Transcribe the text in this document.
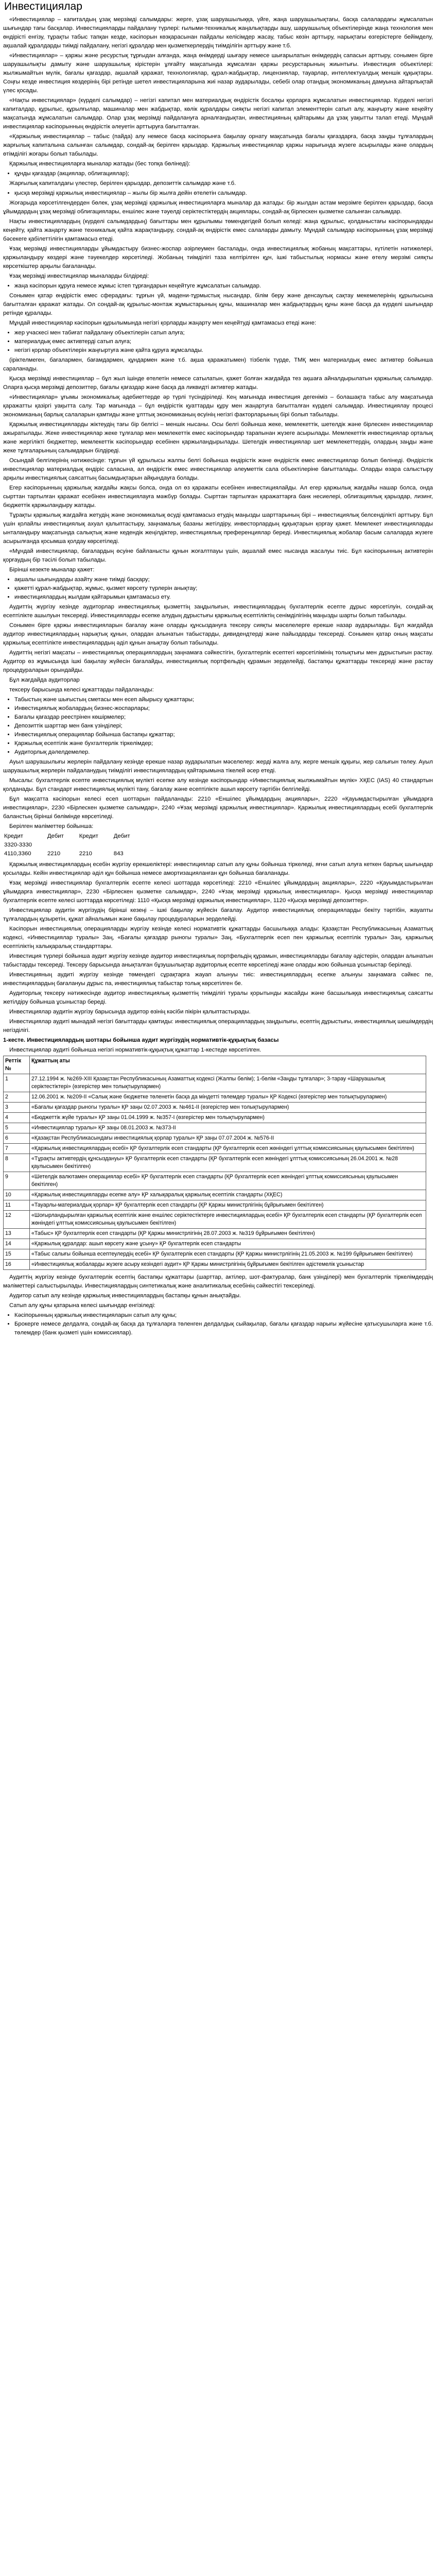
Инвестициялар

«Инвестициялар – капиталдың ұзақ мерзімді салымдары: жерге, ұзақ шаруашылыққа, үйге, жаңа шаруашылықтағы, басқа салалардағы жұмсалатын шығындар тағы басқалар. Инвестицияларды пайдалану түрлері: ғылыми-техникалық жаңалықтарды ашу, шаруашылық объектілерінде жаңа технология мен өндірісті енгізу, тұрақты табыс тапқан кезде, кәсіпорын көзқарасынан пайдалы келісімдер жасау, табыс көзін арттыру, нарықтағы өзгерістерге бейімделу, ақшалай құралдарды тиімді пайдалану, негізгі құралдар мен қызметкерлердің тиімділігін арттыру және т.б.

«Инвестициялар» – қаржы және ресурстық тұрғыдан алғанда, жаңа өнімдерді шығару немесе шығарылатын өнімдердің сапасын арттыру, сонымен бірге шаруашылықты дамыту және шаруашылық кірістерін ұлғайту мақсатында жұмсалған қаржы ресурстарының жиынтығы. Инвестиция объектілері: жылжымайтын мүлік, бағалы қағаздар, ақшалай қаражат, технологиялар, құрал-жабдықтар, лицензиялар, тауарлар, интеллектуалдық меншік құқықтары. Соңғы кезде инвестиция көздерінің бірі ретінде шетел инвестицияларына жиі назар аударылады, себебі олар отандық экономиканың дамуына айтарлықтай үлес қосады.

«Нақты инвестициялар» (күрделі салымдар) – негізгі капитал мен материалдық өндірістік босалқы қорларға жұмсалатын инвестициялар. Күрделі негізгі капиталдар, құрылыс, құрылғылар, машиналар мен жабдықтар, көлік құралдары сияқты негізгі капитал элементтерін сатып алу, жаңғырту және кеңейту мақсатында жұмсалатын салымдар. Олар ұзақ мерзімді пайдалануға арналғандықтан, инвестицияның қайтарымы да ұзақ уақытты талап етеді. Мұндай инвестициялар кәсіпорынның өндірістік әлеуетін арттыруға бағытталған.

«Қаржылық инвестициялар – табыс (пайда) алу немесе басқа кәсіпорынға бақылау орнату мақсатында бағалы қағаздарға, басқа заңды тұлғалардың жарғылық капиталына салынған салымдар, сондай-ақ берілген қарыздар. Қаржылық инвестициялар қаржы нарығында жүзеге асырылады және олардың өтімділігі жоғары болып табылады.

Қаржылық инвестицияларға мыналар жатады (бес топқа бөлінеді):

• құнды қағаздар (акциялар, облигациялар);

Жарғылық капиталдағы үлестер, берілген қарыздар, депозиттік салымдар және т.б.

• қысқа мерзімді қаржылық инвестициялар – жылы бір жылға дейін өтелетін салымдар.

Жоғарыда көрсетілгендерден бөлек, ұзақ мерзімді қаржылық инвестицияларға мыналар да жатады: бір жылдан астам мерзімге берілген қарыздар, басқа ұйымдардың ұзақ мерзімді облигациялары, еншілес және тәуелді серіктестіктердің акциялары, сондай-ақ бірлескен қызметке салынған салымдар.

Нақты инвестициялардың (күрделі салымдардың) бағыттары мен құрылымы төмендегідей болып келеді: жаңа құрылыс, қолданыстағы кәсіпорындарды кеңейту, қайта жаңарту және техникалық қайта жарақтандыру, сондай-ақ өндірістік емес салаларды дамыту. Мұндай салымдар кәсіпорынның ұзақ мерзімді бәсекеге қабілеттілігін қамтамасыз етеді.

Ұзақ мерзімді инвестицияларды ұйымдастыру бизнес-жоспар әзірлеумен басталады, онда инвестициялық жобаның мақсаттары, күтілетін нәтижелері, қаржыландыру көздері және тәуекелдер көрсетіледі. Жобаның тиімділігі таза келтірілген құн, ішкі табыстылық нормасы және өтелу мерзімі сияқты көрсеткіштер арқылы бағаланады.

Ұзақ мерзімді инвестициялар мыналарды білдіреді:

• жаңа кәсіпорын құруға немесе жұмыс істеп тұрғандарын кеңейтуге жұмсалатын салымдар.

Сонымен қатар өндірістік емес сферадағы: тұрғын үй, мәдени-тұрмыстық нысандар, білім беру және денсаулық сақтау мекемелерінің құрылысына бағытталған қаражат жатады. Ол сондай-ақ құрылыс-монтаж жұмыстарының құны, машиналар мен жабдықтардың құны және басқа да күрделі шығындар ретінде құралады.

Мұндай инвестициялар кәсіпорын құрылымында негізгі қорларды жаңарту мен кеңейтуді қамтамасыз етеді және:

• жер учаскесі мен табиғат пайдалану объектілерін сатып алуға;
• материалдық емес активтерді сатып алуға;
• негізгі қорлар объектілерін жаңғыртуға және қайта құруға жұмсалады.

(іріктелмеген, бағалармен, бағамдармен, құндармен және т.б. ақша қаражатымен) тізбелік түрде, ТМҚ мен материалдық емес активтер бойынша сараланады.

Қысқа мерзімді инвестициялар – бұл жыл ішінде өтелетін немесе сатылатын, қажет болған жағдайда тез ақшаға айналдырылатын қаржылық салымдар. Оларға қысқа мерзімді депозиттер, бағалы қағаздар және басқа да ликвидті активтер жатады.

«Инвестициялар» ұғымы экономикалық әдебиеттерде әр түрлі түсіндіріледі. Кең мағынада инвестиция дегеніміз – болашақта табыс алу мақсатында қаражатты қазіргі уақытта салу. Тар мағынада – бұл өндірістік қуаттарды құру мен жаңартуға бағытталған күрделі салымдар. Инвестициялау процесі экономиканың барлық салаларын қамтиды және ұлттық экономиканың өсуінің негізгі факторларының бірі болып табылады.

Қаржылық инвестицияларды жіктеудің тағы бір белгісі – меншік нысаны. Осы белгі бойынша жеке, мемлекеттік, шетелдік және бірлескен инвестициялар ажыратылады. Жеке инвестициялар жеке тұлғалар мен мемлекеттік емес кәсіпорындар тарапынан жүзеге асырылады. Мемлекеттік инвестициялар орталық және жергілікті бюджеттер, мемлекеттік кәсіпорындар есебінен қаржыландырылады. Шетелдік инвестициялар шет мемлекеттердің, олардың заңды және жеке тұлғаларының салымдарын білдіреді.

Осындай белгілерінің нәтижесінде: тұрғын үй құрылысы жалпы белгі бойынша өндірістік және өндірістік емес инвестициялар болып бөлінеді. Өндірістік инвестициялар материалдық өндіріс саласына, ал өндірістік емес инвестициялар әлеуметтік сала объектілеріне бағытталады. Оларды өзара салыстыру арқылы инвестициялық саясаттың басымдықтарын айқындауға болады.

Егер кәсіпорынның қаржылық жағдайы жақсы болса, онда ол өз қаражаты есебінен инвестициялайды. Ал егер қаржылық жағдайы нашар болса, онда сырттан тартылған қаражат есебінен инвестициялауға мәжбүр болады. Сырттан тартылған қаражаттарға банк несиелері, облигациялық қарыздар, лизинг, бюджеттік қаржыландыру жатады.

Тұрақты қаржылық жағдайға жетудің және экономикалық өсуді қамтамасыз етудің маңызды шарттарының бірі – инвестициялық белсенділікті арттыру. Бұл үшін қолайлы инвестициялық ахуал қалыптастыру, заңнамалық базаны жетілдіру, инвесторлардың құқықтарын қорғау қажет. Мемлекет инвестицияларды ынталандыру мақсатында салықтық және кедендік жеңілдіктер, инвестициялық преференциялар береді. Инвестициялық жобалар басым салаларда жүзеге асырылғанда қосымша қолдау көрсетіледі.

«Мұндай инвестициялар, бағалардың өсуіне байланысты құнын жоғалтпауы үшін, ақшалай емес нысанда жасалуы тиіс. Бұл кәсіпорынның активтерін қорғаудың бір тәсілі болып табылады.

Бірінші кезекте мыналар қажет:

• ақшалы шығындарды азайту және тиімді басқару;
• қажетті құрал-жабдықтар, жұмыс, қызмет көрсету түрлерін анықтау;
• инвестициялардың жылдам қайтарымын қамтамасыз ету.

Аудиттің жүргізу кезінде аудиторлар инвестициялық қызметтің заңдылығын, инвестициялардың бухгалтерлік есепте дұрыс көрсетілуін, сондай-ақ есептілікте ашылуын тексереді. Инвестицияларды есепке алудың дұрыстығы қаржылық есептіліктің сенімділігінің маңызды шарты болып табылады.

Сонымен бірге қаржы инвестицияларын бағалау және оларды құнсыздануға тексеру сияқты мәселелерге ерекше назар аударылады. Бұл жағдайда аудитор инвестициялардың нарықтық құнын, олардан алынатын табыстарды, дивидендтерді және пайыздарды тексереді. Сонымен қатар оның мақсаты қаржылық есептілікте инвестициялардың әділ құнын анықтау болып табылады.

Аудиттің негізгі мақсаты – инвестициялық операциялардың заңнамаға сәйкестігін, бухгалтерлік есептегі көрсетілімінің толықтығы мен дұрыстығын растау. Аудитор өз жұмысында ішкі бақылау жүйесін бағалайды, инвестициялық портфельдің құрамын зерделейді, бастапқы құжаттарды тексереді және растау процедураларын орындайды.

Бұл жағдайда аудиторлар

тексеру барысында келесі құжаттарды пайдаланады:

• Табыстың және шығыстың сметасы мен есеп айырысу құжаттары;
• Инвестициялық жобалардың бизнес-жоспарлары;
• Бағалы қағаздар реестрінен көшірмелер;
• Депозиттік шарттар мен банк үзінділері;
• Инвестициялық операциялар бойынша бастапқы құжаттар;
• Қаржылық есептілік және бухгалтерлік тіркелімдер;
• Аудиторлық дәлелдемелер.

Ауыл шаруашылығы жерлерін пайдалану кезінде ерекше назар аударылатын мәселелер: жерді жалға алу, жерге меншік құқығы, жер салығын төлеу. Ауыл шаруашылық жерлерін пайдаланудың тиімділігі инвестициялардың қайтарымына тікелей әсер етеді.

Мысалы: бухгалтерлік есепте инвестициялық мүлікті есепке алу кезінде кәсіпорындар «Инвестициялық жылжымайтын мүлік» ХҚЕС (IAS) 40 стандартын қолданады. Бұл стандарт инвестициялық мүлікті тану, бағалау және есептілікте ашып көрсету тәртібін белгілейді.

Бұл мақсатта кәсіпорын келесі есеп шоттарын пайдаланады: 2210 «Еншілес ұйымдардың акциялары», 2220 «Қауымдастырылған ұйымдарға инвестициялар», 2230 «Бірлескен қызметке салымдар», 2240 «Ұзақ мерзімді қаржылық инвестициялар». Қаржылық инвестициялардың есебі бухгалтерлік баланстың бірінші бөлімінде көрсетіледі.

Берілген мәліметтер бойынша:

Кредит	Дебит	Кредит	Дебит
3320-3330			
4110,3360	2210	2210	843

Қаржылық инвестициялардың есебін жүргізу ерекшеліктері: инвестициялар сатып алу құны бойынша тіркеледі, яғни сатып алуға кеткен барлық шығындар қосылады. Кейін инвестициялар әділ құн бойынша немесе амортизацияланған құн бойынша бағаланады.

Ұзақ мерзімді инвестициялар бухгалтерлік есепте келесі шоттарда көрсетіледі: 2210 «Еншілес ұйымдардың акциялары», 2220 «Қауымдастырылған ұйымдарға инвестициялар», 2230 «Бірлескен қызметке салымдар», 2240 «Ұзақ мерзімді қаржылық инвестициялар». Қысқа мерзімді инвестициялар бухгалтерлік есепте келесі шоттарда көрсетіледі: 1110 «Қысқа мерзімді қаржылық инвестициялар», 1120 «Қысқа мерзімді депозиттер».

Инвестициялар аудитін жүргізудің бірінші кезеңі – ішкі бақылау жүйесін бағалау. Аудитор инвестициялық операцияларды бекіту тәртібін, жауапты тұлғалардың құзыретін, құжат айналымын және бақылау процедураларын зерделейді.

Кәсіпорын инвестициялық операцияларды жүргізу кезінде келесі нормативтік құжаттарды басшылыққа алады: Қазақстан Республикасының Азаматтық кодексі, «Инвестициялар туралы» Заң, «Бағалы қағаздар рыногы туралы» Заң, «Бухгалтерлік есеп пен қаржылық есептілік туралы» Заң, қаржылық есептіліктің халықаралық стандарттары.

Инвестиция түрлері бойынша аудит жүргізу кезінде аудитор инвестициялық портфельдің құрамын, инвестицияларды бағалау әдістерін, олардан алынатын табыстарды тексереді. Тексеру барысында анықталған бұзушылықтар аудиторлық есепте көрсетіледі және оларды жою бойынша ұсыныстар беріледі.

Инвестицияның аудиті жүргізу кезінде төмендегі сұрақтарға жауап алынуы тиіс: инвестициялардың есепке алынуы заңнамаға сәйкес пе, инвестициялардың бағалануы дұрыс па, инвестициялық табыстар толық көрсетілген бе.

Аудиторлық тексеру нәтижесінде аудитор инвестициялық қызметтің тиімділігі туралы қорытынды жасайды және басшылыққа инвестициялық саясатты жетілдіру бойынша ұсыныстар береді.

Инвестициялар аудитін жүргізу барысында аудитор өзінің кәсіби пікірін қалыптастырады.

Инвестициялар аудиті мынадай негізгі бағыттарды қамтиды: инвестициялық операциялардың заңдылығы, есептің дұрыстығы, инвестициялық шешімдердің негізділігі.

1-кесте. Инвестициялардың шоттары бойынша аудит жүргізудің нормативтік-құқықтық базасы

Инвестициялар аудиті бойынша негізгі нормативтік-құқықтық құжаттар 1-кестеде көрсетілген.

Реттік №	Құжаттың аты
1	27.12.1994 ж. №269-XIII Қазақстан Республикасының Азаматтық кодексі (Жалпы бөлім); 1-бөлім «Заңды тұлғалар»; 3-тарау «Шаруашылық серіктестіктері» (өзгерістер мен толықтырулармен)
2	12.06.2001 ж. №209-II «Салық және бюджетке төленетін басқа да міндетті төлемдер туралы» ҚР Кодексі (өзгерістер мен толықтырулармен)
3	«Бағалы қағаздар рыногы туралы» ҚР заңы 02.07.2003 ж. №461-II (өзгерістер мен толықтырулармен)
4	«Бюджеттік жүйе туралы» ҚР заңы 01.04.1999 ж. №357-I (өзгерістер мен толықтырулармен)
5	«Инвестициялар туралы» ҚР заңы 08.01.2003 ж. №373-II
6	«Қазақстан Республикасындағы инвестициялық қорлар туралы» ҚР заңы 07.07.2004 ж. №576-II
7	«Қаржылық инвестициялардың есебі» ҚР бухгалтерлік есеп стандарты (ҚР бухгалтерлік есеп жөніндегі ұлттық комиссиясының қаулысымен бекітілген)
8	«Тұрақты активтердің құнсыздануы» ҚР бухгалтерлік есеп стандарты (ҚР бухгалтерлік есеп жөніндегі ұлттық комиссиясының 26.04.2001 ж. №28 қаулысымен бекітілген)
9	«Шетелдік валютамен операциялар есебі» ҚР бухгалтерлік есеп стандарты (ҚР бухгалтерлік есеп жөніндегі ұлттық комиссиясының қаулысымен бекітілген)
10	«Қаржылық инвестицияларды есепке алу» ҚР халықаралық қаржылық есептілік стандарты (ХҚЕС)
11	«Тауарлы-материалдық қорлар» ҚР бухгалтерлік есеп стандарты (ҚР Қаржы министрлігінің бұйрығымен бекітілген)
12	«Шоғырландырылған қаржылық есептілік және еншілес серіктестіктерге инвестициялардың есебі» ҚР бухгалтерлік есеп стандарты (ҚР бухгалтерлік есеп жөніндегі ұлттық комиссиясының қаулысымен бекітілген)
13	«Табыс» ҚР бухгалтерлік есеп стандарты (ҚР Қаржы министрлігінің 28.07.2003 ж. №319 бұйрығымен бекітілген)
14	«Қаржылық құралдар: ашып көрсету және ұсыну» ҚР бухгалтерлік есеп стандарты
15	«Табыс салығы бойынша есептеулердің есебі» ҚР бухгалтерлік есеп стандарты (ҚР Қаржы министрлігінің 21.05.2003 ж. №199 бұйрығымен бекітілген)
16	«Инвестициялық жобаларды жүзеге асыру кезіндегі аудит» ҚР Қаржы министрлігінің бұйрығымен бекітілген әдістемелік ұсыныстар

Аудиттің жүргізу кезінде бухгалтерлік есептің бастапқы құжаттары (шарттар, актілер, шот-фактуралар, банк үзінділері) мен бухгалтерлік тіркелімдердің мәліметтері салыстырылады. Инвестициялардың синтетикалық және аналитикалық есебінің сәйкестігі тексеріледі.

Аудитор сатып алу кезінде қаржылық инвестициялардың бастапқы құнын анықтайды.

Сатып алу құны қатарына келесі шығындар енгізіледі:

• Кәсіпорынның қаржылық инвестицияларын сатып алу құны;
• Брокерге немесе делдалға, сондай-ақ басқа да тұлғаларға төленген делдалдық сыйақылар, бағалы қағаздар нарығы жүйесіне қатысушыларға және т.б. төлемдер (банк қызметі үшін комиссиялар).
